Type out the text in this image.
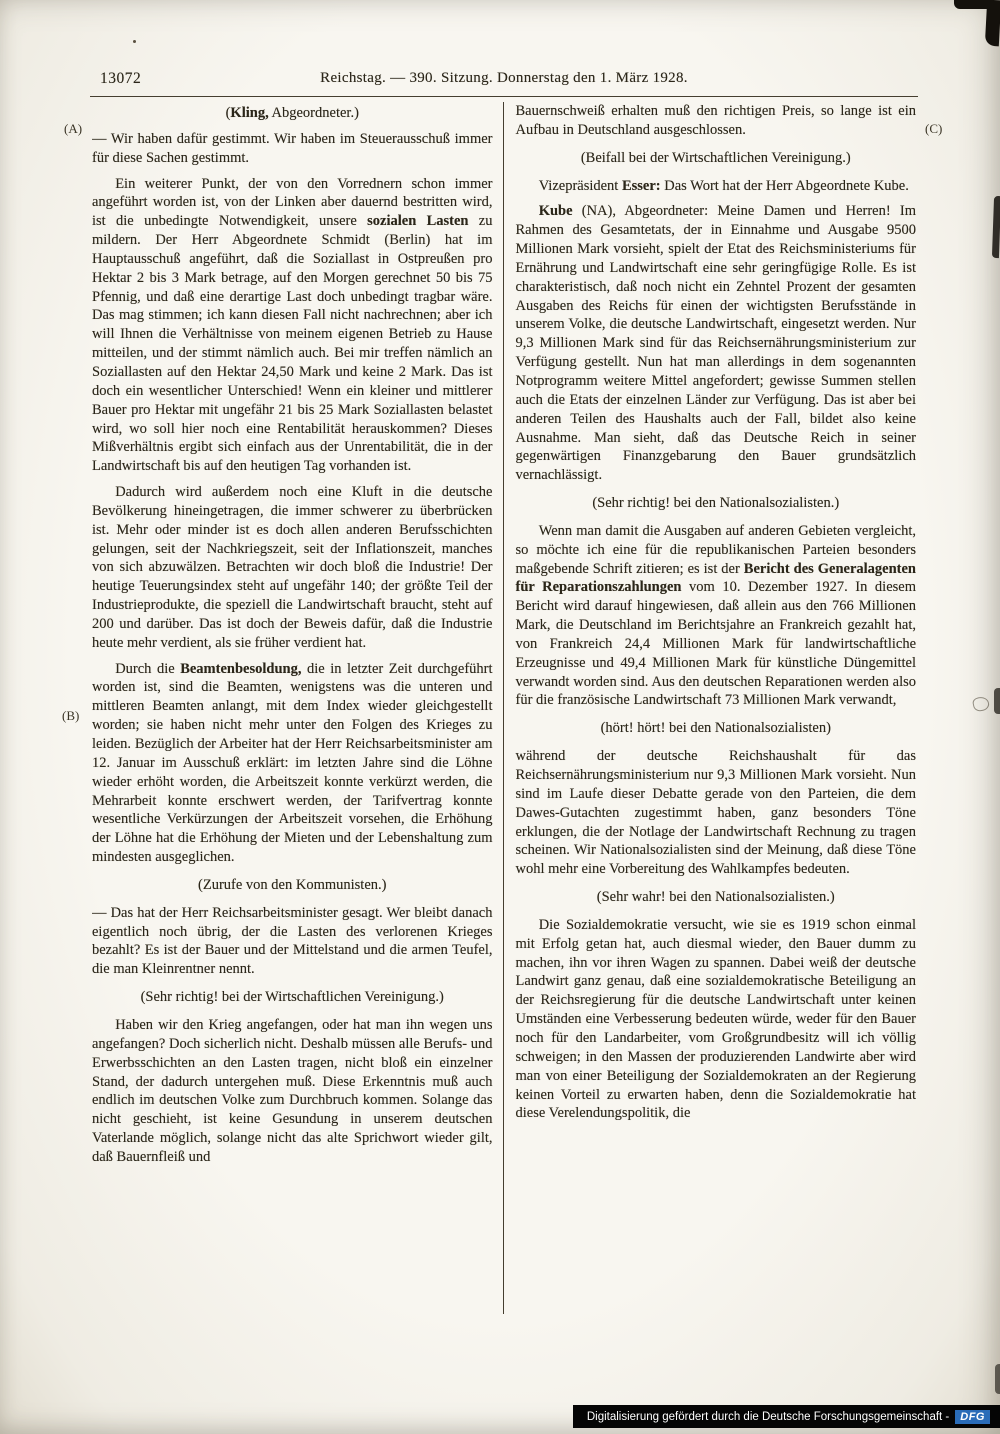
13072	Reichstag. — 390. Sitzung. Donnerstag den 1. März 1928.
(A)
(B)
(C)

(Kling, Abgeordneter.)

— Wir haben dafür gestimmt. Wir haben im Steuerausschuß immer für diese Sachen gestimmt.

Ein weiterer Punkt, der von den Vorrednern schon immer angeführt worden ist, von der Linken aber dauernd bestritten wird, ist die unbedingte Notwendigkeit, unsere sozialen Lasten zu mildern. Der Herr Abgeordnete Schmidt (Berlin) hat im Hauptausschuß angeführt, daß die Soziallast in Ostpreußen pro Hektar 2 bis 3 Mark betrage, auf den Morgen gerechnet 50 bis 75 Pfennig, und daß eine derartige Last doch unbedingt tragbar wäre. Das mag stimmen; ich kann diesen Fall nicht nachrechnen; aber ich will Ihnen die Verhältnisse von meinem eigenen Betrieb zu Hause mitteilen, und der stimmt nämlich auch. Bei mir treffen nämlich an Soziallasten auf den Hektar 24,50 Mark und keine 2 Mark. Das ist doch ein wesentlicher Unterschied! Wenn ein kleiner und mittlerer Bauer pro Hektar mit ungefähr 21 bis 25 Mark Soziallasten belastet wird, wo soll hier noch eine Rentabilität herauskommen? Dieses Mißverhältnis ergibt sich einfach aus der Unrentabilität, die in der Landwirtschaft bis auf den heutigen Tag vorhanden ist.

Dadurch wird außerdem noch eine Kluft in die deutsche Bevölkerung hineingetragen, die immer schwerer zu überbrücken ist. Mehr oder minder ist es doch allen anderen Berufsschichten gelungen, seit der Nachkriegszeit, seit der Inflationszeit, manches von sich abzuwälzen. Betrachten wir doch bloß die Industrie! Der heutige Teuerungsindex steht auf ungefähr 140; der größte Teil der Industrieprodukte, die speziell die Landwirtschaft braucht, steht auf 200 und darüber. Das ist doch der Beweis dafür, daß die Industrie heute mehr verdient, als sie früher verdient hat.

Durch die Beamtenbesoldung, die in letzter Zeit durchgeführt worden ist, sind die Beamten, wenigstens was die unteren und mittleren Beamten anlangt, mit dem Index wieder gleichgestellt worden; sie haben nicht mehr unter den Folgen des Krieges zu leiden. Bezüglich der Arbeiter hat der Herr Reichsarbeitsminister am 12. Januar im Ausschuß erklärt: im letzten Jahre sind die Löhne wieder erhöht worden, die Arbeitszeit konnte verkürzt werden, die Mehrarbeit konnte erschwert werden, der Tarifvertrag konnte wesentliche Verkürzungen der Arbeitszeit vorsehen, die Erhöhung der Löhne hat die Erhöhung der Mieten und der Lebenshaltung zum mindesten ausgeglichen.

(Zurufe von den Kommunisten.)

— Das hat der Herr Reichsarbeitsminister gesagt. Wer bleibt danach eigentlich noch übrig, der die Lasten des verlorenen Krieges bezahlt? Es ist der Bauer und der Mittelstand und die armen Teufel, die man Kleinrentner nennt.

(Sehr richtig! bei der Wirtschaftlichen Vereinigung.)

Haben wir den Krieg angefangen, oder hat man ihn wegen uns angefangen? Doch sicherlich nicht. Deshalb müssen alle Berufs- und Erwerbsschichten an den Lasten tragen, nicht bloß ein einzelner Stand, der dadurch untergehen muß. Diese Erkenntnis muß auch endlich im deutschen Volke zum Durchbruch kommen. Solange das nicht geschieht, ist keine Gesundung in unserem deutschen Vaterlande möglich, solange nicht das alte Sprichwort wieder gilt, daß Bauernfleiß und

Bauernschweiß erhalten muß den richtigen Preis, so lange ist ein Aufbau in Deutschland ausgeschlossen.

(Beifall bei der Wirtschaftlichen Vereinigung.)

Vizepräsident Esser: Das Wort hat der Herr Abgeordnete Kube.

Kube (NA), Abgeordneter: Meine Damen und Herren! Im Rahmen des Gesamtetats, der in Einnahme und Ausgabe 9500 Millionen Mark vorsieht, spielt der Etat des Reichsministeriums für Ernährung und Landwirtschaft eine sehr geringfügige Rolle. Es ist charakteristisch, daß noch nicht ein Zehntel Prozent der gesamten Ausgaben des Reichs für einen der wichtigsten Berufsstände in unserem Volke, die deutsche Landwirtschaft, eingesetzt werden. Nur 9,3 Millionen Mark sind für das Reichsernährungsministerium zur Verfügung gestellt. Nun hat man allerdings in dem sogenannten Notprogramm weitere Mittel angefordert; gewisse Summen stellen auch die Etats der einzelnen Länder zur Verfügung. Das ist aber bei anderen Teilen des Haushalts auch der Fall, bildet also keine Ausnahme. Man sieht, daß das Deutsche Reich in seiner gegenwärtigen Finanzgebarung den Bauer grundsätzlich vernachlässigt.

(Sehr richtig! bei den Nationalsozialisten.)

Wenn man damit die Ausgaben auf anderen Gebieten vergleicht, so möchte ich eine für die republikanischen Parteien besonders maßgebende Schrift zitieren; es ist der Bericht des Generalagenten für Reparationszahlungen vom 10. Dezember 1927. In diesem Bericht wird darauf hingewiesen, daß allein aus den 766 Millionen Mark, die Deutschland im Berichtsjahre an Frankreich gezahlt hat, von Frankreich 24,4 Millionen Mark für landwirtschaftliche Erzeugnisse und 49,4 Millionen Mark für künstliche Düngemittel verwandt worden sind. Aus den deutschen Reparationen werden also für die französische Landwirtschaft 73 Millionen Mark verwandt,

(hört! hört! bei den Nationalsozialisten)

während der deutsche Reichshaushalt für das Reichsernährungsministerium nur 9,3 Millionen Mark vorsieht. Nun sind im Laufe dieser Debatte gerade von den Parteien, die dem Dawes-Gutachten zugestimmt haben, ganz besonders Töne erklungen, die der Notlage der Landwirtschaft Rechnung zu tragen scheinen. Wir Nationalsozialisten sind der Meinung, daß diese Töne wohl mehr eine Vorbereitung des Wahlkampfes bedeuten.

(Sehr wahr! bei den Nationalsozialisten.)

Die Sozialdemokratie versucht, wie sie es 1919 schon einmal mit Erfolg getan hat, auch diesmal wieder, den Bauer dumm zu machen, ihn vor ihren Wagen zu spannen. Dabei weiß der deutsche Landwirt ganz genau, daß eine sozialdemokratische Beteiligung an der Reichsregierung für die deutsche Landwirtschaft unter keinen Umständen eine Verbesserung bedeuten würde, weder für den Bauer noch für den Landarbeiter, vom Großgrundbesitz will ich völlig schweigen; in den Massen der produzierenden Landwirte aber wird man von einer Beteiligung der Sozialdemokraten an der Regierung keinen Vorteil zu erwarten haben, denn die Sozialdemokratie hat diese Verelendungspolitik, die

Digitalisierung gefördert durch die Deutsche Forschungsgemeinschaft -	DFG
